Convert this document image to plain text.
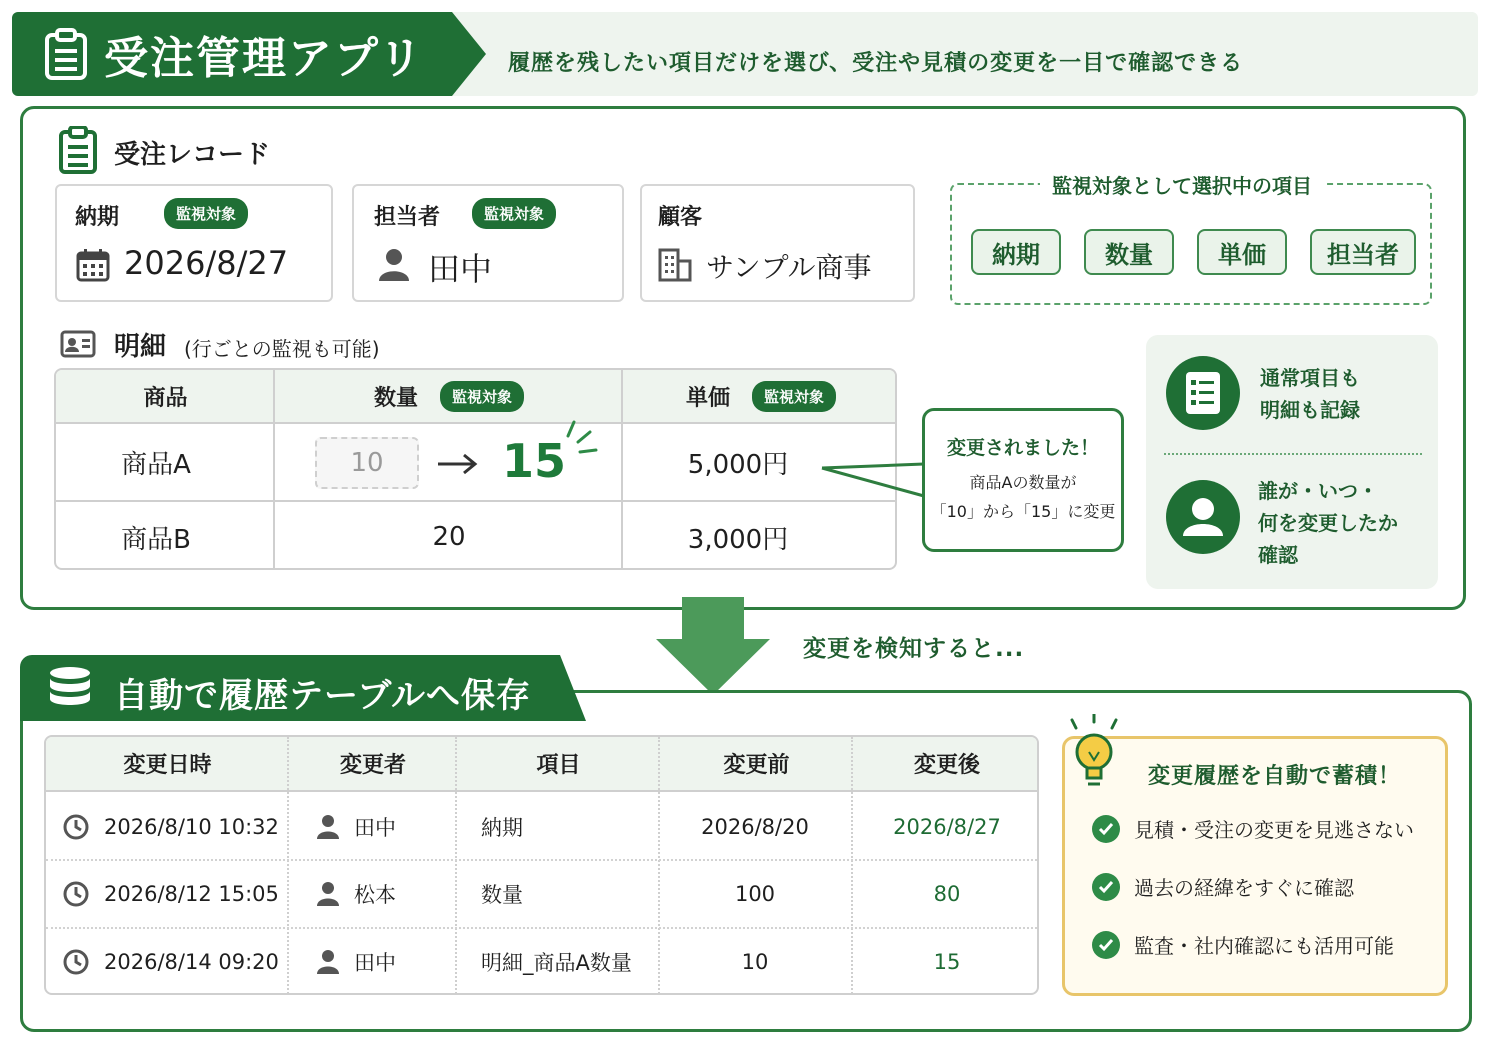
受注管理アプリ	履歴を残したい項目だけを選び、受注や見積の変更を一目で確認できる
受注レコード
納期	監視対象
2026/8/27
担当者	監視対象
田中
顧客
サンプル商事
監視対象として選択中の項目
納期	数量	単価	担当者
明細 (行ごとの監視も可能)
商品	数量	監視対象	単価	監視対象
商品A	10	15	5,000円
商品B	20	3,000円
変更されました！
商品Aの数量が
「10」から「15」に変更
通常項目も
明細も記録
誰が・いつ・
何を変更したか
確認
変更を検知すると...
自動で履歴テーブルへ保存
変更日時	変更者	項目	変更前	変更後
2026/8/10 10:32	田中	納期	2026/8/20	2026/8/27
2026/8/12 15:05	松本	数量	100	80
2026/8/14 09:20	田中	明細_商品A数量	10	15
変更履歴を自動で蓄積！
見積・受注の変更を見逃さない
過去の経緯をすぐに確認
監査・社内確認にも活用可能
